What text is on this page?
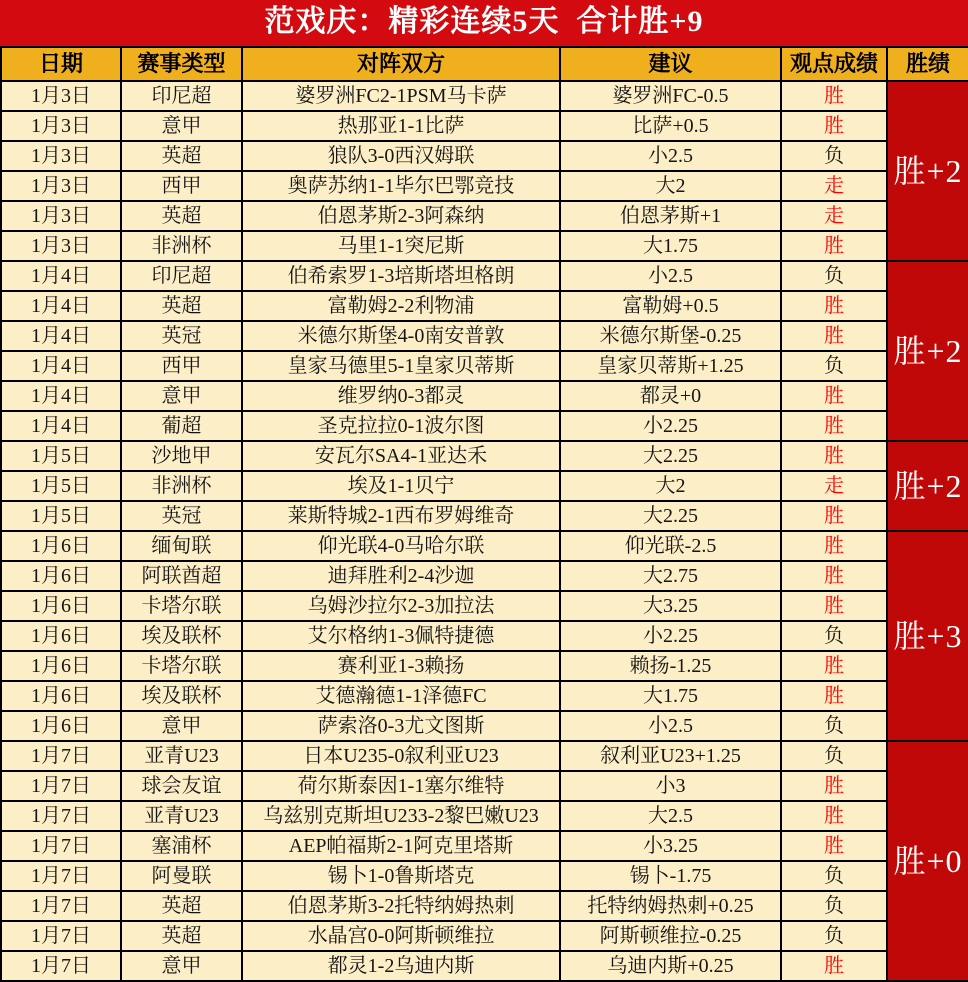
范戏庆：精彩连续5天  合计胜+9
日期	赛事类型	对阵双方	建议	观点成绩	胜绩
1月3日	印尼超	婆罗洲FC2-1PSM马卡萨	婆罗洲FC-0.5	胜	胜+2
1月3日	意甲	热那亚1-1比萨	比萨+0.5	胜	
1月3日	英超	狼队3-0西汉姆联	小2.5	负	
1月3日	西甲	奥萨苏纳1-1毕尔巴鄂竞技	大2	走	
1月3日	英超	伯恩茅斯2-3阿森纳	伯恩茅斯+1	走	
1月3日	非洲杯	马里1-1突尼斯	大1.75	胜	
1月4日	印尼超	伯希索罗1-3培斯塔坦格朗	小2.5	负	胜+2
1月4日	英超	富勒姆2-2利物浦	富勒姆+0.5	胜	
1月4日	英冠	米德尔斯堡4-0南安普敦	米德尔斯堡-0.25	胜	
1月4日	西甲	皇家马德里5-1皇家贝蒂斯	皇家贝蒂斯+1.25	负	
1月4日	意甲	维罗纳0-3都灵	都灵+0	胜	
1月4日	葡超	圣克拉拉0-1波尔图	小2.25	胜	
1月5日	沙地甲	安瓦尔SA4-1亚达禾	大2.25	胜	胜+2
1月5日	非洲杯	埃及1-1贝宁	大2	走	
1月5日	英冠	莱斯特城2-1西布罗姆维奇	大2.25	胜	
1月6日	缅甸联	仰光联4-0马哈尔联	仰光联-2.5	胜	胜+3
1月6日	阿联酋超	迪拜胜利2-4沙迦	大2.75	胜	
1月6日	卡塔尔联	乌姆沙拉尔2-3加拉法	大3.25	胜	
1月6日	埃及联杯	艾尔格纳1-3佩特捷德	小2.25	负	
1月6日	卡塔尔联	赛利亚1-3赖扬	赖扬-1.25	胜	
1月6日	埃及联杯	艾德瀚德1-1泽德FC	大1.75	胜	
1月6日	意甲	萨索洛0-3尤文图斯	小2.5	负	
1月7日	亚青U23	日本U235-0叙利亚U23	叙利亚U23+1.25	负	胜+0
1月7日	球会友谊	荷尔斯泰因1-1塞尔维特	小3	胜	
1月7日	亚青U23	乌兹别克斯坦U233-2黎巴嫩U23	大2.5	胜	
1月7日	塞浦杯	AEP帕福斯2-1阿克里塔斯	小3.25	胜	
1月7日	阿曼联	锡卜1-0鲁斯塔克	锡卜-1.75	负	
1月7日	英超	伯恩茅斯3-2托特纳姆热刺	托特纳姆热刺+0.25	负	
1月7日	英超	水晶宫0-0阿斯顿维拉	阿斯顿维拉-0.25	负	
1月7日	意甲	都灵1-2乌迪内斯	乌迪内斯+0.25	胜	
